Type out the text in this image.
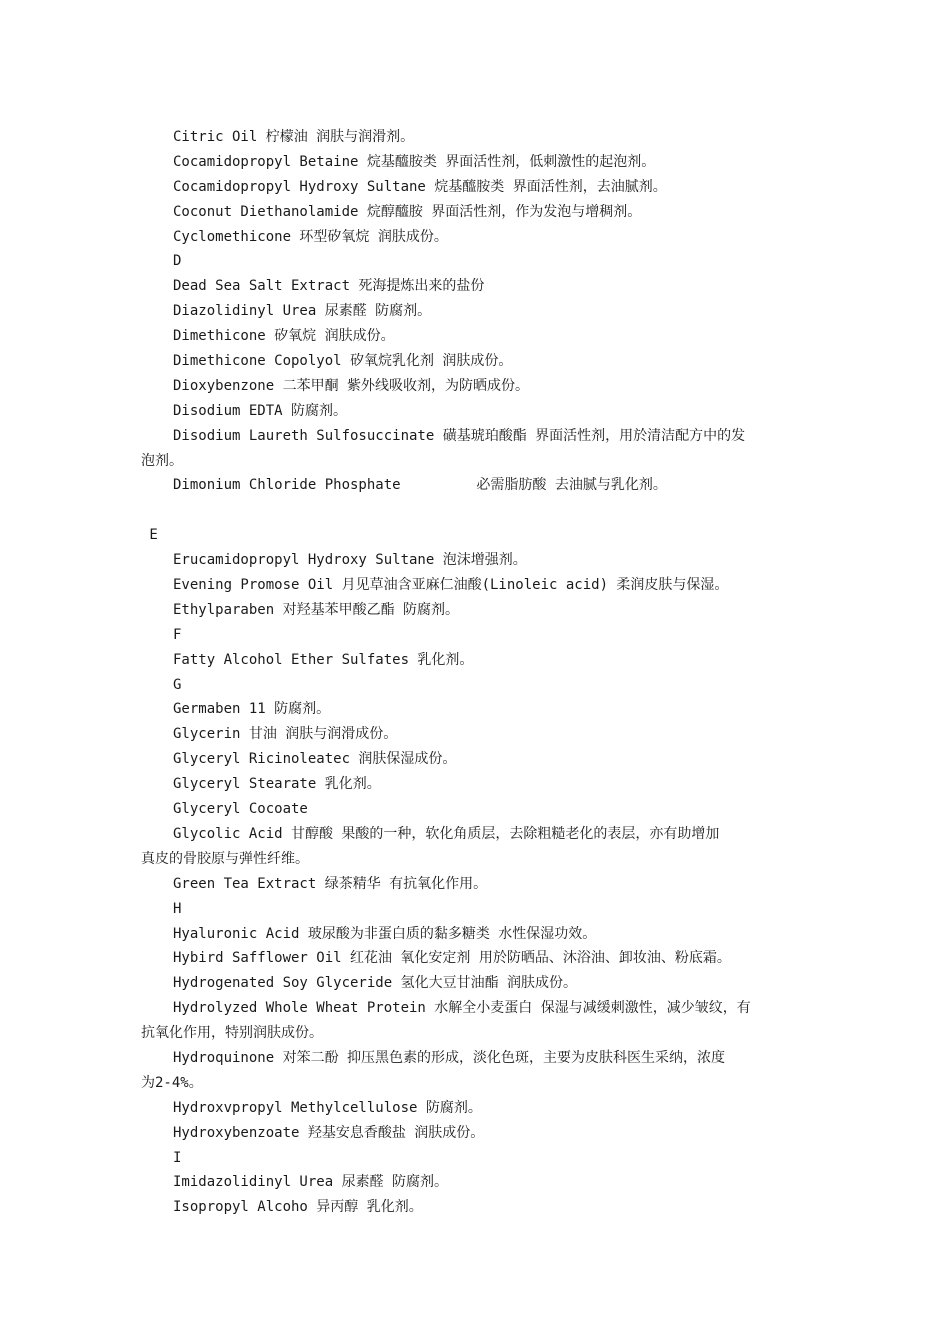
Citric Oil 柠檬油 润肤与润滑剂。
Cocamidopropyl Betaine 烷基醯胺类 界面活性剂，低刺激性的起泡剂。
Cocamidopropyl Hydroxy Sultane 烷基醯胺类 界面活性剂，去油腻剂。
Coconut Diethanolamide 烷醇醯胺 界面活性剂，作为发泡与增稠剂。
Cyclomethicone 环型矽氧烷 润肤成份。
D
Dead Sea Salt Extract 死海提炼出来的盐份
Diazolidinyl Urea 尿素醛 防腐剂。
Dimethicone 矽氧烷 润肤成份。
Dimethicone Copolyol 矽氧烷乳化剂 润肤成份。
Dioxybenzone 二苯甲酮 紫外线吸收剂，为防晒成份。
Disodium EDTA 防腐剂。
Disodium Laureth Sulfosuccinate 磺基琥珀酸酯 界面活性剂，用於清洁配方中的发
泡剂。
Dimonium Chloride Phosphate         必需脂肪酸 去油腻与乳化剂。
E
Erucamidopropyl Hydroxy Sultane 泡沫增强剂。
Evening Promose Oil 月见草油含亚麻仁油酸(Linoleic acid) 柔润皮肤与保湿。
Ethylparaben 对羟基苯甲酸乙酯 防腐剂。
F
Fatty Alcohol Ether Sulfates 乳化剂。
G
Germaben 11 防腐剂。
Glycerin 甘油 润肤与润滑成份。
Glyceryl Ricinoleatec 润肤保湿成份。
Glyceryl Stearate 乳化剂。
Glyceryl Cocoate
Glycolic Acid 甘醇酸 果酸的一种，软化角质层，去除粗糙老化的表层，亦有助增加
真皮的骨胶原与弹性纤维。
Green Tea Extract 绿茶精华 有抗氧化作用。
H
Hyaluronic Acid 玻尿酸为非蛋白质的黏多糖类 水性保湿功效。
Hybird Safflower Oil 红花油 氧化安定剂 用於防晒品、沐浴油、卸妆油、粉底霜。
Hydrogenated Soy Glyceride 氢化大豆甘油酯 润肤成份。
Hydrolyzed Whole Wheat Protein 水解全小麦蛋白 保湿与减缓刺激性，减少皱纹，有
抗氧化作用，特别润肤成份。
Hydroquinone 对笨二酚 抑压黑色素的形成，淡化色斑，主要为皮肤科医生采纳，浓度
为2-4%。
Hydroxvpropyl Methylcellulose 防腐剂。
Hydroxybenzoate 羟基安息香酸盐 润肤成份。
I
Imidazolidinyl Urea 尿素醛 防腐剂。
Isopropyl Alcoho 异丙醇 乳化剂。
